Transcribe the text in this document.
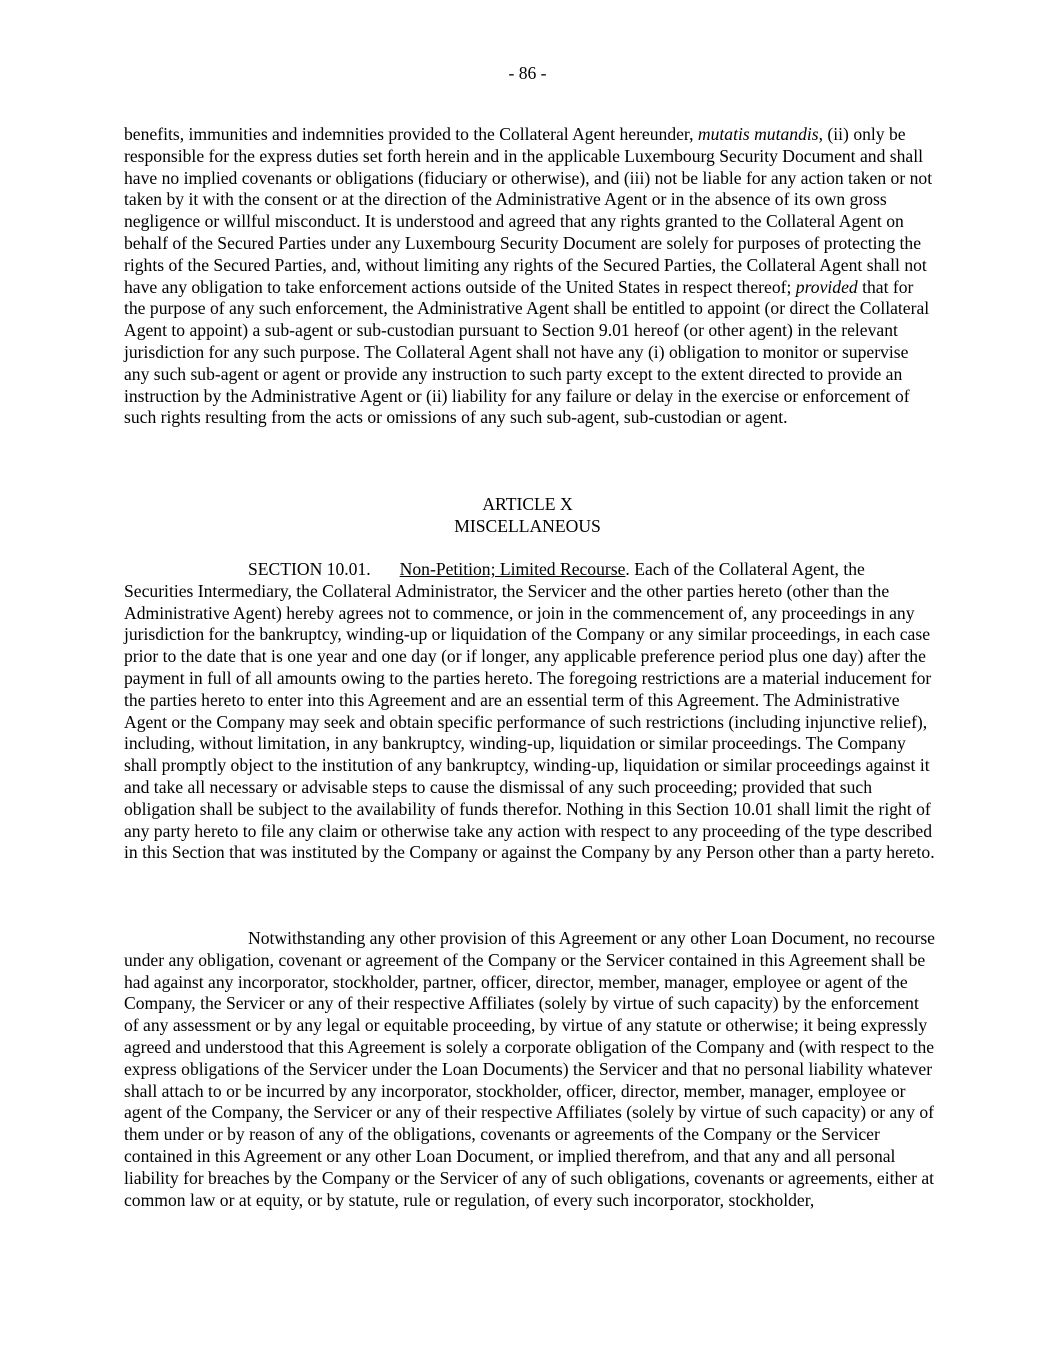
- 86 -

benefits, immunities and indemnities provided to the Collateral Agent hereunder, mutatis mutandis, (ii) only be responsible for the express duties set forth herein and in the applicable Luxembourg Security Document and shall have no implied covenants or obligations (fiduciary or otherwise), and (iii) not be liable for any action taken or not taken by it with the consent or at the direction of the Administrative Agent or in the absence of its own gross negligence or willful misconduct. It is understood and agreed that any rights granted to the Collateral Agent on behalf of the Secured Parties under any Luxembourg Security Document are solely for purposes of protecting the rights of the Secured Parties, and, without limiting any rights of the Secured Parties, the Collateral Agent shall not have any obligation to take enforcement actions outside of the United States in respect thereof; provided that for the purpose of any such enforcement, the Administrative Agent shall be entitled to appoint (or direct the Collateral Agent to appoint) a sub-agent or sub-custodian pursuant to Section 9.01 hereof (or other agent) in the relevant jurisdiction for any such purpose. The Collateral Agent shall not have any (i) obligation to monitor or supervise any such sub-agent or agent or provide any instruction to such party except to the extent directed to provide an instruction by the Administrative Agent or (ii) liability for any failure or delay in the exercise or enforcement of such rights resulting from the acts or omissions of any such sub-agent, sub-custodian or agent.

ARTICLE X
MISCELLANEOUS

SECTION 10.01. Non-Petition; Limited Recourse. Each of the Collateral Agent, the Securities Intermediary, the Collateral Administrator, the Servicer and the other parties hereto (other than the Administrative Agent) hereby agrees not to commence, or join in the commencement of, any proceedings in any jurisdiction for the bankruptcy, winding-up or liquidation of the Company or any similar proceedings, in each case prior to the date that is one year and one day (or if longer, any applicable preference period plus one day) after the payment in full of all amounts owing to the parties hereto. The foregoing restrictions are a material inducement for the parties hereto to enter into this Agreement and are an essential term of this Agreement. The Administrative Agent or the Company may seek and obtain specific performance of such restrictions (including injunctive relief), including, without limitation, in any bankruptcy, winding-up, liquidation or similar proceedings. The Company shall promptly object to the institution of any bankruptcy, winding-up, liquidation or similar proceedings against it and take all necessary or advisable steps to cause the dismissal of any such proceeding; provided that such obligation shall be subject to the availability of funds therefor. Nothing in this Section 10.01 shall limit the right of any party hereto to file any claim or otherwise take any action with respect to any proceeding of the type described in this Section that was instituted by the Company or against the Company by any Person other than a party hereto.

Notwithstanding any other provision of this Agreement or any other Loan Document, no recourse under any obligation, covenant or agreement of the Company or the Servicer contained in this Agreement shall be had against any incorporator, stockholder, partner, officer, director, member, manager, employee or agent of the Company, the Servicer or any of their respective Affiliates (solely by virtue of such capacity) by the enforcement of any assessment or by any legal or equitable proceeding, by virtue of any statute or otherwise; it being expressly agreed and understood that this Agreement is solely a corporate obligation of the Company and (with respect to the express obligations of the Servicer under the Loan Documents) the Servicer and that no personal liability whatever shall attach to or be incurred by any incorporator, stockholder, officer, director, member, manager, employee or agent of the Company, the Servicer or any of their respective Affiliates (solely by virtue of such capacity) or any of them under or by reason of any of the obligations, covenants or agreements of the Company or the Servicer contained in this Agreement or any other Loan Document, or implied therefrom, and that any and all personal liability for breaches by the Company or the Servicer of any of such obligations, covenants or agreements, either at common law or at equity, or by statute, rule or regulation, of every such incorporator, stockholder,
